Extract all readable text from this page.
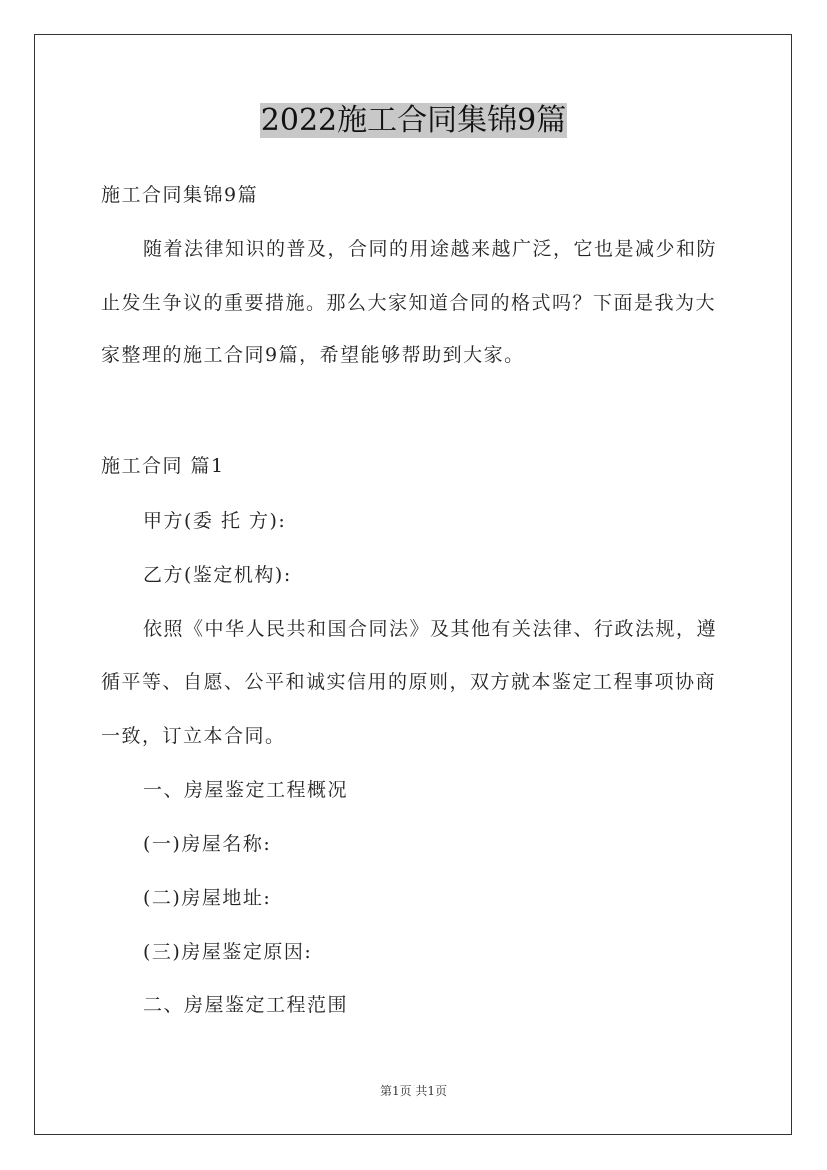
2022施工合同集锦9篇
施工合同集锦9篇
随着法律知识的普及，合同的用途越来越广泛，它也是减少和防
止发生争议的重要措施。那么大家知道合同的格式吗？下面是我为大
家整理的施工合同9篇，希望能够帮助到大家。
施工合同 篇1
甲方(委 托 方):
乙方(鉴定机构):
依照《中华人民共和国合同法》及其他有关法律、行政法规，遵
循平等、自愿、公平和诚实信用的原则，双方就本鉴定工程事项协商
一致，订立本合同。
一、房屋鉴定工程概况
(一)房屋名称:
(二)房屋地址:
(三)房屋鉴定原因:
二、房屋鉴定工程范围
第1页 共1页
